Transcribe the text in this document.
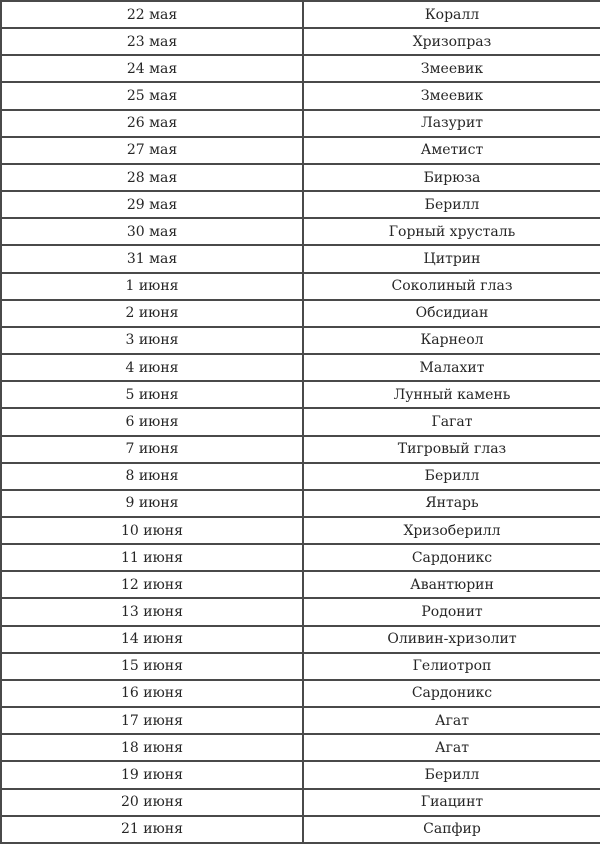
22 мая	Коралл
23 мая	Хризопраз
24 мая	Змеевик
25 мая	Змеевик
26 мая	Лазурит
27 мая	Аметист
28 мая	Бирюза
29 мая	Берилл
30 мая	Горный хрусталь
31 мая	Цитрин
1 июня	Соколиный глаз
2 июня	Обсидиан
3 июня	Карнеол
4 июня	Малахит
5 июня	Лунный камень
6 июня	Гагат
7 июня	Тигровый глаз
8 июня	Берилл
9 июня	Янтарь
10 июня	Хризоберилл
11 июня	Сардоникс
12 июня	Авантюрин
13 июня	Родонит
14 июня	Оливин-хризолит
15 июня	Гелиотроп
16 июня	Сардоникс
17 июня	Агат
18 июня	Агат
19 июня	Берилл
20 июня	Гиацинт
21 июня	Сапфир
